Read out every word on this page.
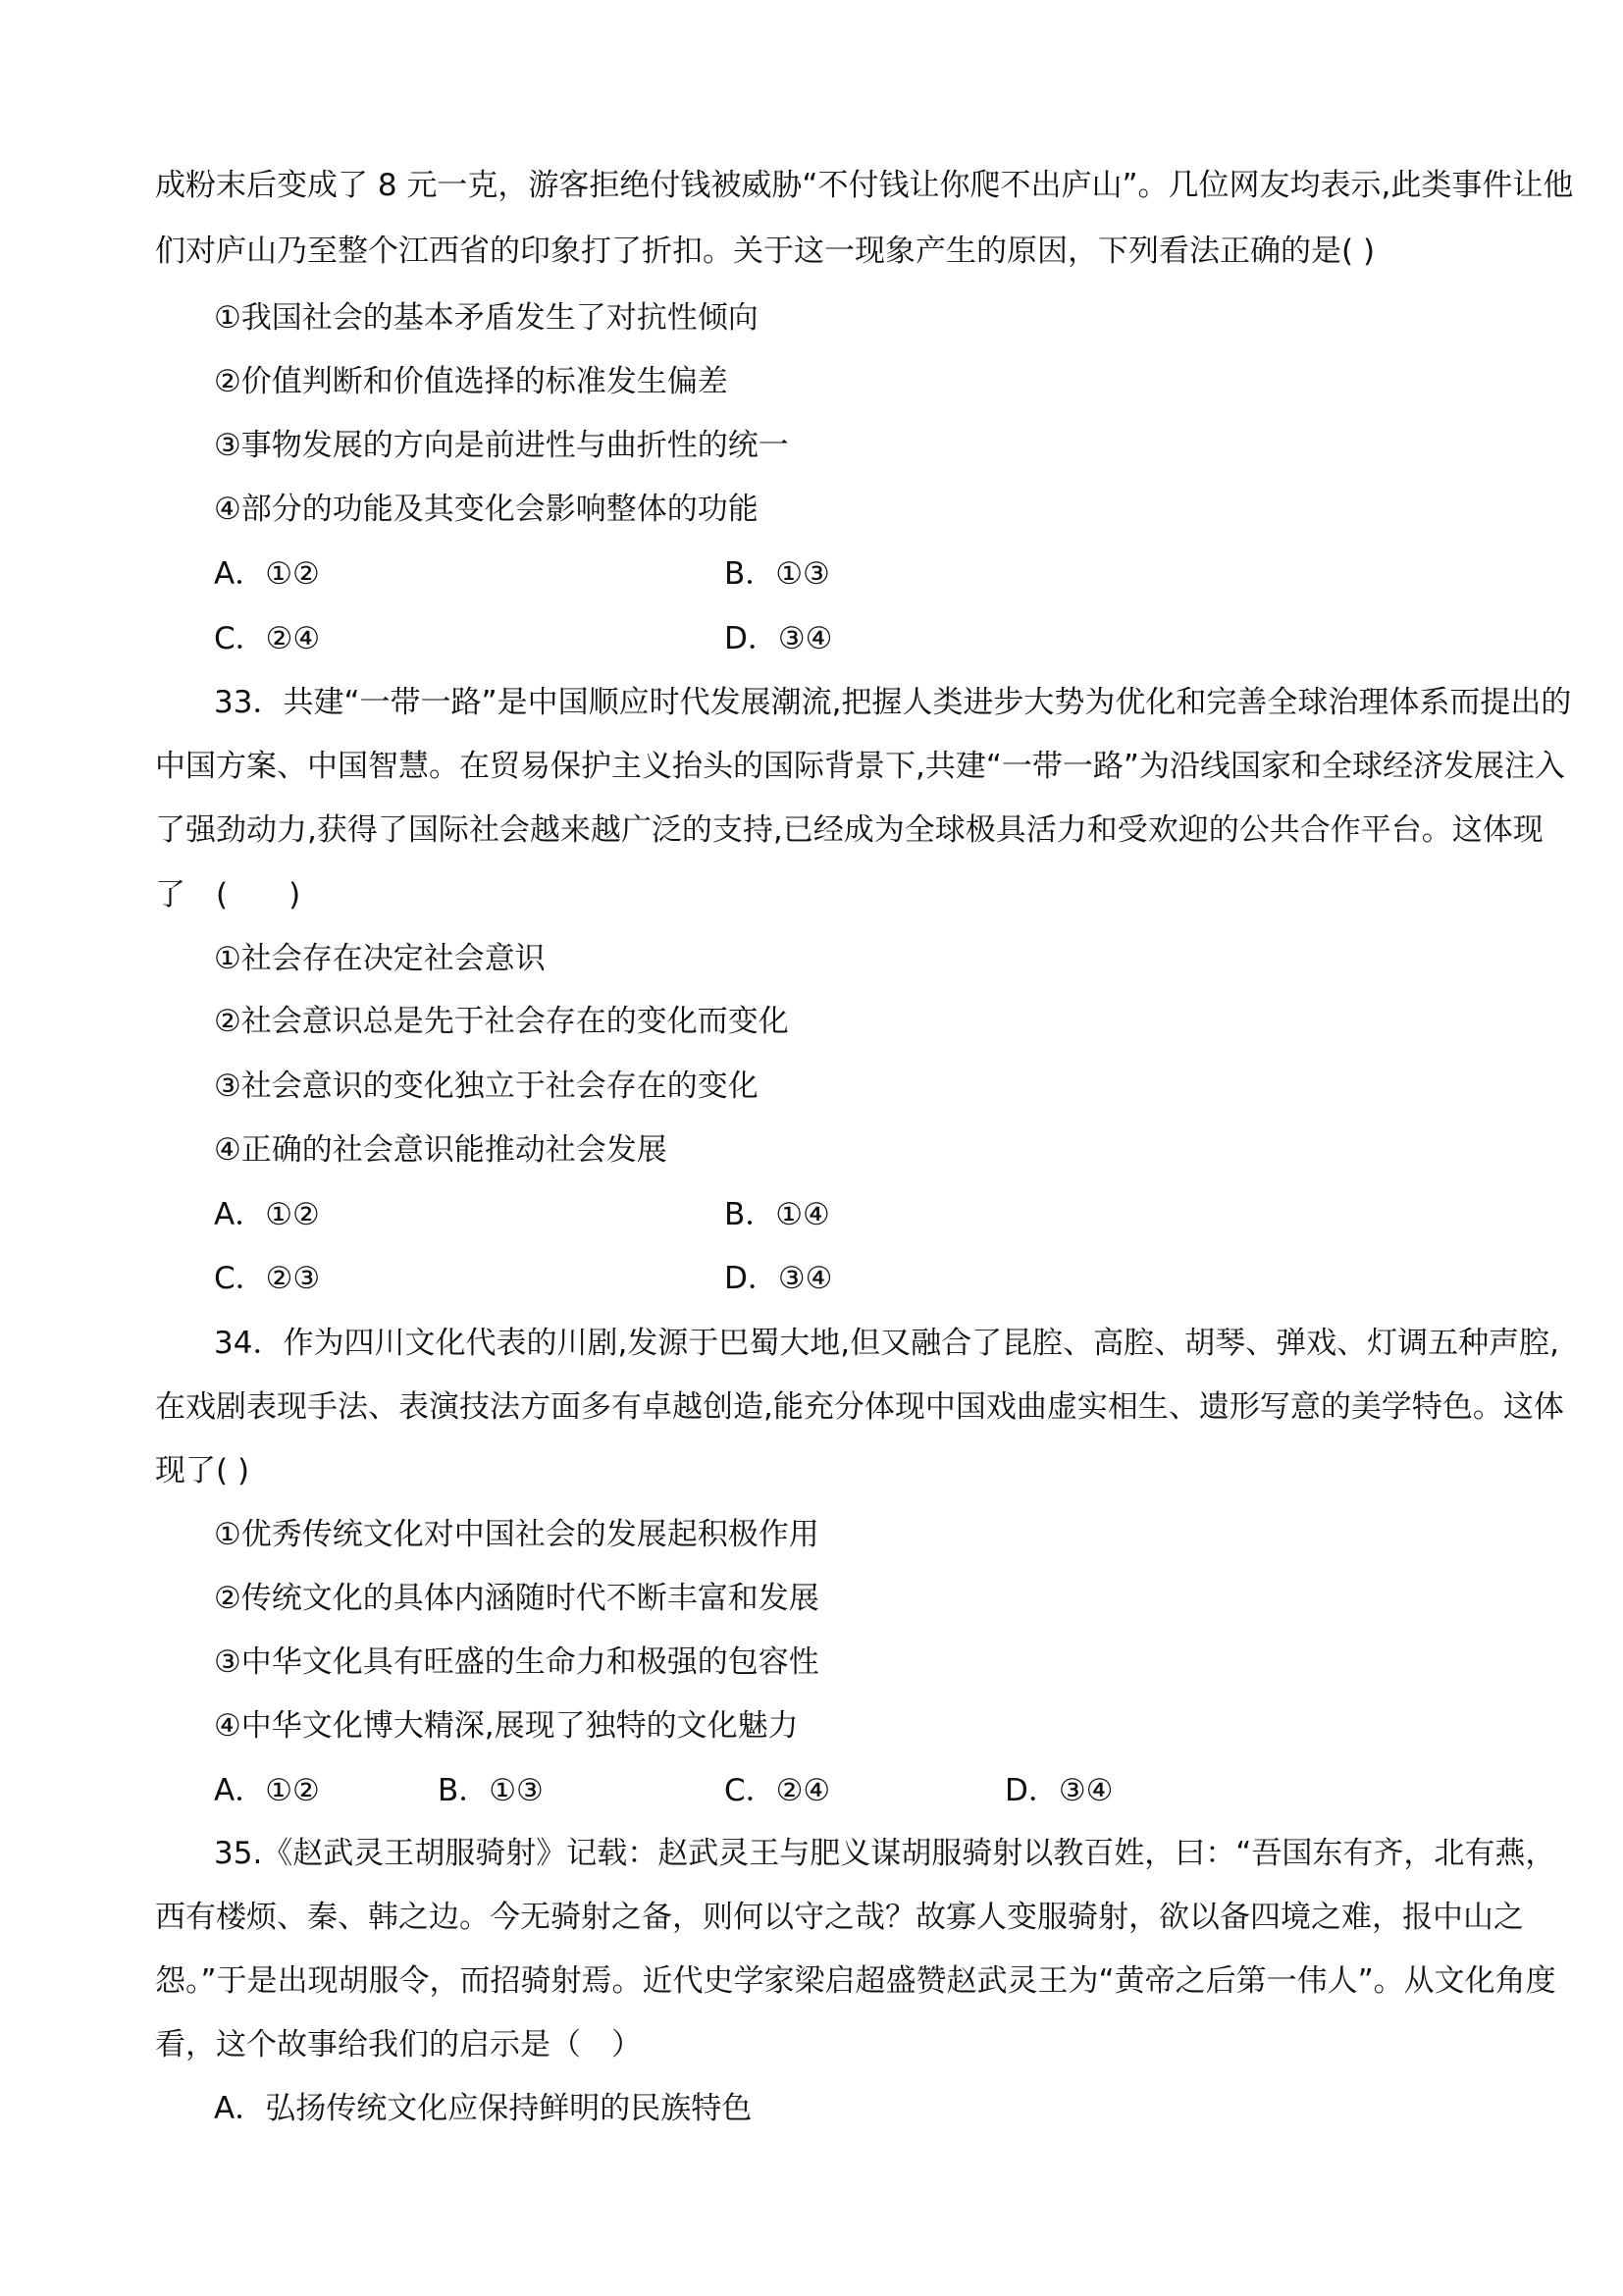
成粉末后变成了 8 元一克，游客拒绝付钱被威胁“不付钱让你爬不出庐山”。几位网友均表示,此类事件让他
们对庐山乃至整个江西省的印象打了折扣。关于这一现象产生的原因，下列看法正确的是( )
①我国社会的基本矛盾发生了对抗性倾向
②价值判断和价值选择的标准发生偏差
③事物发展的方向是前进性与曲折性的统一
④部分的功能及其变化会影响整体的功能
A．①②	B．①③
C．②④	D．③④
33．共建“一带一路”是中国顺应时代发展潮流,把握人类进步大势为优化和完善全球治理体系而提出的
中国方案、中国智慧。在贸易保护主义抬头的国际背景下,共建“一带一路”为沿线国家和全球经济发展注入
了强劲动力,获得了国际社会越来越广泛的支持,已经成为全球极具活力和受欢迎的公共合作平台。这体现
了　(　　)
①社会存在决定社会意识
②社会意识总是先于社会存在的变化而变化
③社会意识的变化独立于社会存在的变化
④正确的社会意识能推动社会发展
A．①②	B．①④
C．②③	D．③④
34．作为四川文化代表的川剧,发源于巴蜀大地,但又融合了昆腔、高腔、胡琴、弹戏、灯调五种声腔,
在戏剧表现手法、表演技法方面多有卓越创造,能充分体现中国戏曲虚实相生、遗形写意的美学特色。这体
现了( )
①优秀传统文化对中国社会的发展起积极作用
②传统文化的具体内涵随时代不断丰富和发展
③中华文化具有旺盛的生命力和极强的包容性
④中华文化博大精深,展现了独特的文化魅力
A．①②	B．①③	C．②④	D．③④
35.《赵武灵王胡服骑射》记载：赵武灵王与肥义谋胡服骑射以教百姓，曰：“吾国东有齐，北有燕，
西有楼烦、秦、韩之边。今无骑射之备，则何以守之哉？故寡人变服骑射，欲以备四境之难，报中山之
怨。”于是出现胡服令，而招骑射焉。近代史学家梁启超盛赞赵武灵王为“黄帝之后第一伟人”。从文化角度
看，这个故事给我们的启示是（　）
A．弘扬传统文化应保持鲜明的民族特色
